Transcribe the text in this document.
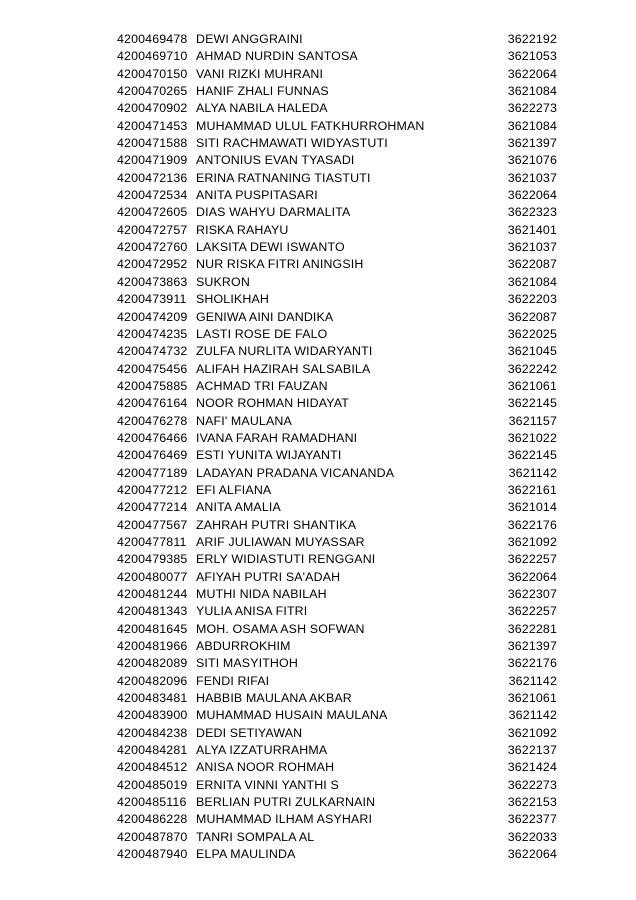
4200469478 DEWI ANGGRAINI	3622192
4200469710 AHMAD NURDIN SANTOSA	3621053
4200470150 VANI RIZKI MUHRANI	3622064
4200470265 HANIF ZHALI FUNNAS	3621084
4200470902 ALYA NABILA HALEDA	3622273
4200471453 MUHAMMAD ULUL FATKHURROHMAN	3621084
4200471588 SITI RACHMAWATI WIDYASTUTI	3621397
4200471909 ANTONIUS EVAN TYASADI	3621076
4200472136 ERINA RATNANING TIASTUTI	3621037
4200472534 ANITA PUSPITASARI	3622064
4200472605 DIAS WAHYU DARMALITA	3622323
4200472757 RISKA RAHAYU	3621401
4200472760 LAKSITA DEWI ISWANTO	3621037
4200472952 NUR RISKA FITRI ANINGSIH	3622087
4200473863 SUKRON	3621084
4200473911 SHOLIKHAH	3622203
4200474209 GENIWA AINI DANDIKA	3622087
4200474235 LASTI ROSE DE FALO	3622025
4200474732 ZULFA NURLITA WIDARYANTI	3621045
4200475456 ALIFAH HAZIRAH SALSABILA	3622242
4200475885 ACHMAD TRI FAUZAN	3621061
4200476164 NOOR ROHMAN HIDAYAT	3622145
4200476278 NAFI' MAULANA	3621157
4200476466 IVANA FARAH RAMADHANI	3621022
4200476469 ESTI YUNITA WIJAYANTI	3622145
4200477189 LADAYAN PRADANA VICANANDA	3621142
4200477212 EFI ALFIANA	3622161
4200477214 ANITA AMALIA	3621014
4200477567 ZAHRAH PUTRI SHANTIKA	3622176
4200477811 ARIF JULIAWAN MUYASSAR	3621092
4200479385 ERLY WIDIASTUTI RENGGANI	3622257
4200480077 AFIYAH PUTRI SA'ADAH	3622064
4200481244 MUTHI NIDA NABILAH	3622307
4200481343 YULIA ANISA FITRI	3622257
4200481645 MOH. OSAMA ASH SOFWAN	3622281
4200481966 ABDURROKHIM	3621397
4200482089 SITI MASYITHOH	3622176
4200482096 FENDI RIFAI	3621142
4200483481 HABBIB MAULANA AKBAR	3621061
4200483900 MUHAMMAD HUSAIN MAULANA	3621142
4200484238 DEDI SETIYAWAN	3621092
4200484281 ALYA IZZATURRAHMA	3622137
4200484512 ANISA NOOR ROHMAH	3621424
4200485019 ERNITA VINNI YANTHI S	3622273
4200485116 BERLIAN PUTRI ZULKARNAIN	3622153
4200486228 MUHAMMAD ILHAM ASYHARI	3622377
4200487870 TANRI SOMPALA AL	3622033
4200487940 ELPA MAULINDA	3622064
